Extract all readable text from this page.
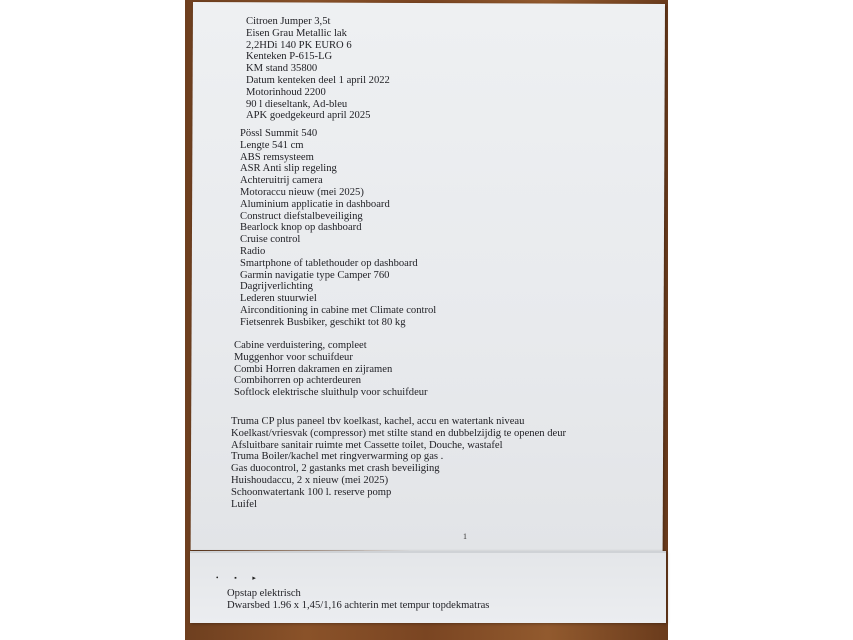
Citroen Jumper 3,5t
Eisen Grau Metallic lak
2,2HDi 140 PK EURO 6
Kenteken P-615-LG
KM stand 35800
Datum kenteken deel 1 april 2022
Motorinhoud 2200
90 l dieseltank, Ad-bleu
APK goedgekeurd april 2025
Pössl Summit 540
Lengte 541 cm
ABS remsysteem
ASR Anti slip regeling
Achteruitrij camera
Motoraccu nieuw (mei 2025)
Aluminium applicatie in dashboard
Construct diefstalbeveiliging
Bearlock knop op dashboard
Cruise control
Radio
Smartphone of tablethouder op dashboard
Garmin navigatie type Camper 760
Dagrijverlichting
Lederen stuurwiel
Airconditioning in cabine met Climate control
Fietsenrek Busbiker, geschikt tot 80 kg
Cabine verduistering, compleet
Muggenhor voor schuifdeur
Combi Horren dakramen en zijramen
Combihorren op achterdeuren
Softlock elektrische sluithulp voor schuifdeur
Truma CP plus paneel tbv koelkast, kachel, accu en watertank niveau
Koelkast/vriesvak (compressor) met stilte stand en dubbelzijdig te openen deur
Afsluitbare sanitair ruimte met Cassette toilet, Douche, wastafel
Truma Boiler/kachel met ringverwarming op gas .
Gas duocontrol, 2 gastanks met crash beveiliging
Huishoudaccu, 2 x nieuw (mei 2025)
Schoonwatertank 100 l. reserve pomp
Luifel
1
• ▪ ▸
Opstap elektrisch
Dwarsbed 1.96 x 1,45/1,16 achterin met tempur topdekmatras
